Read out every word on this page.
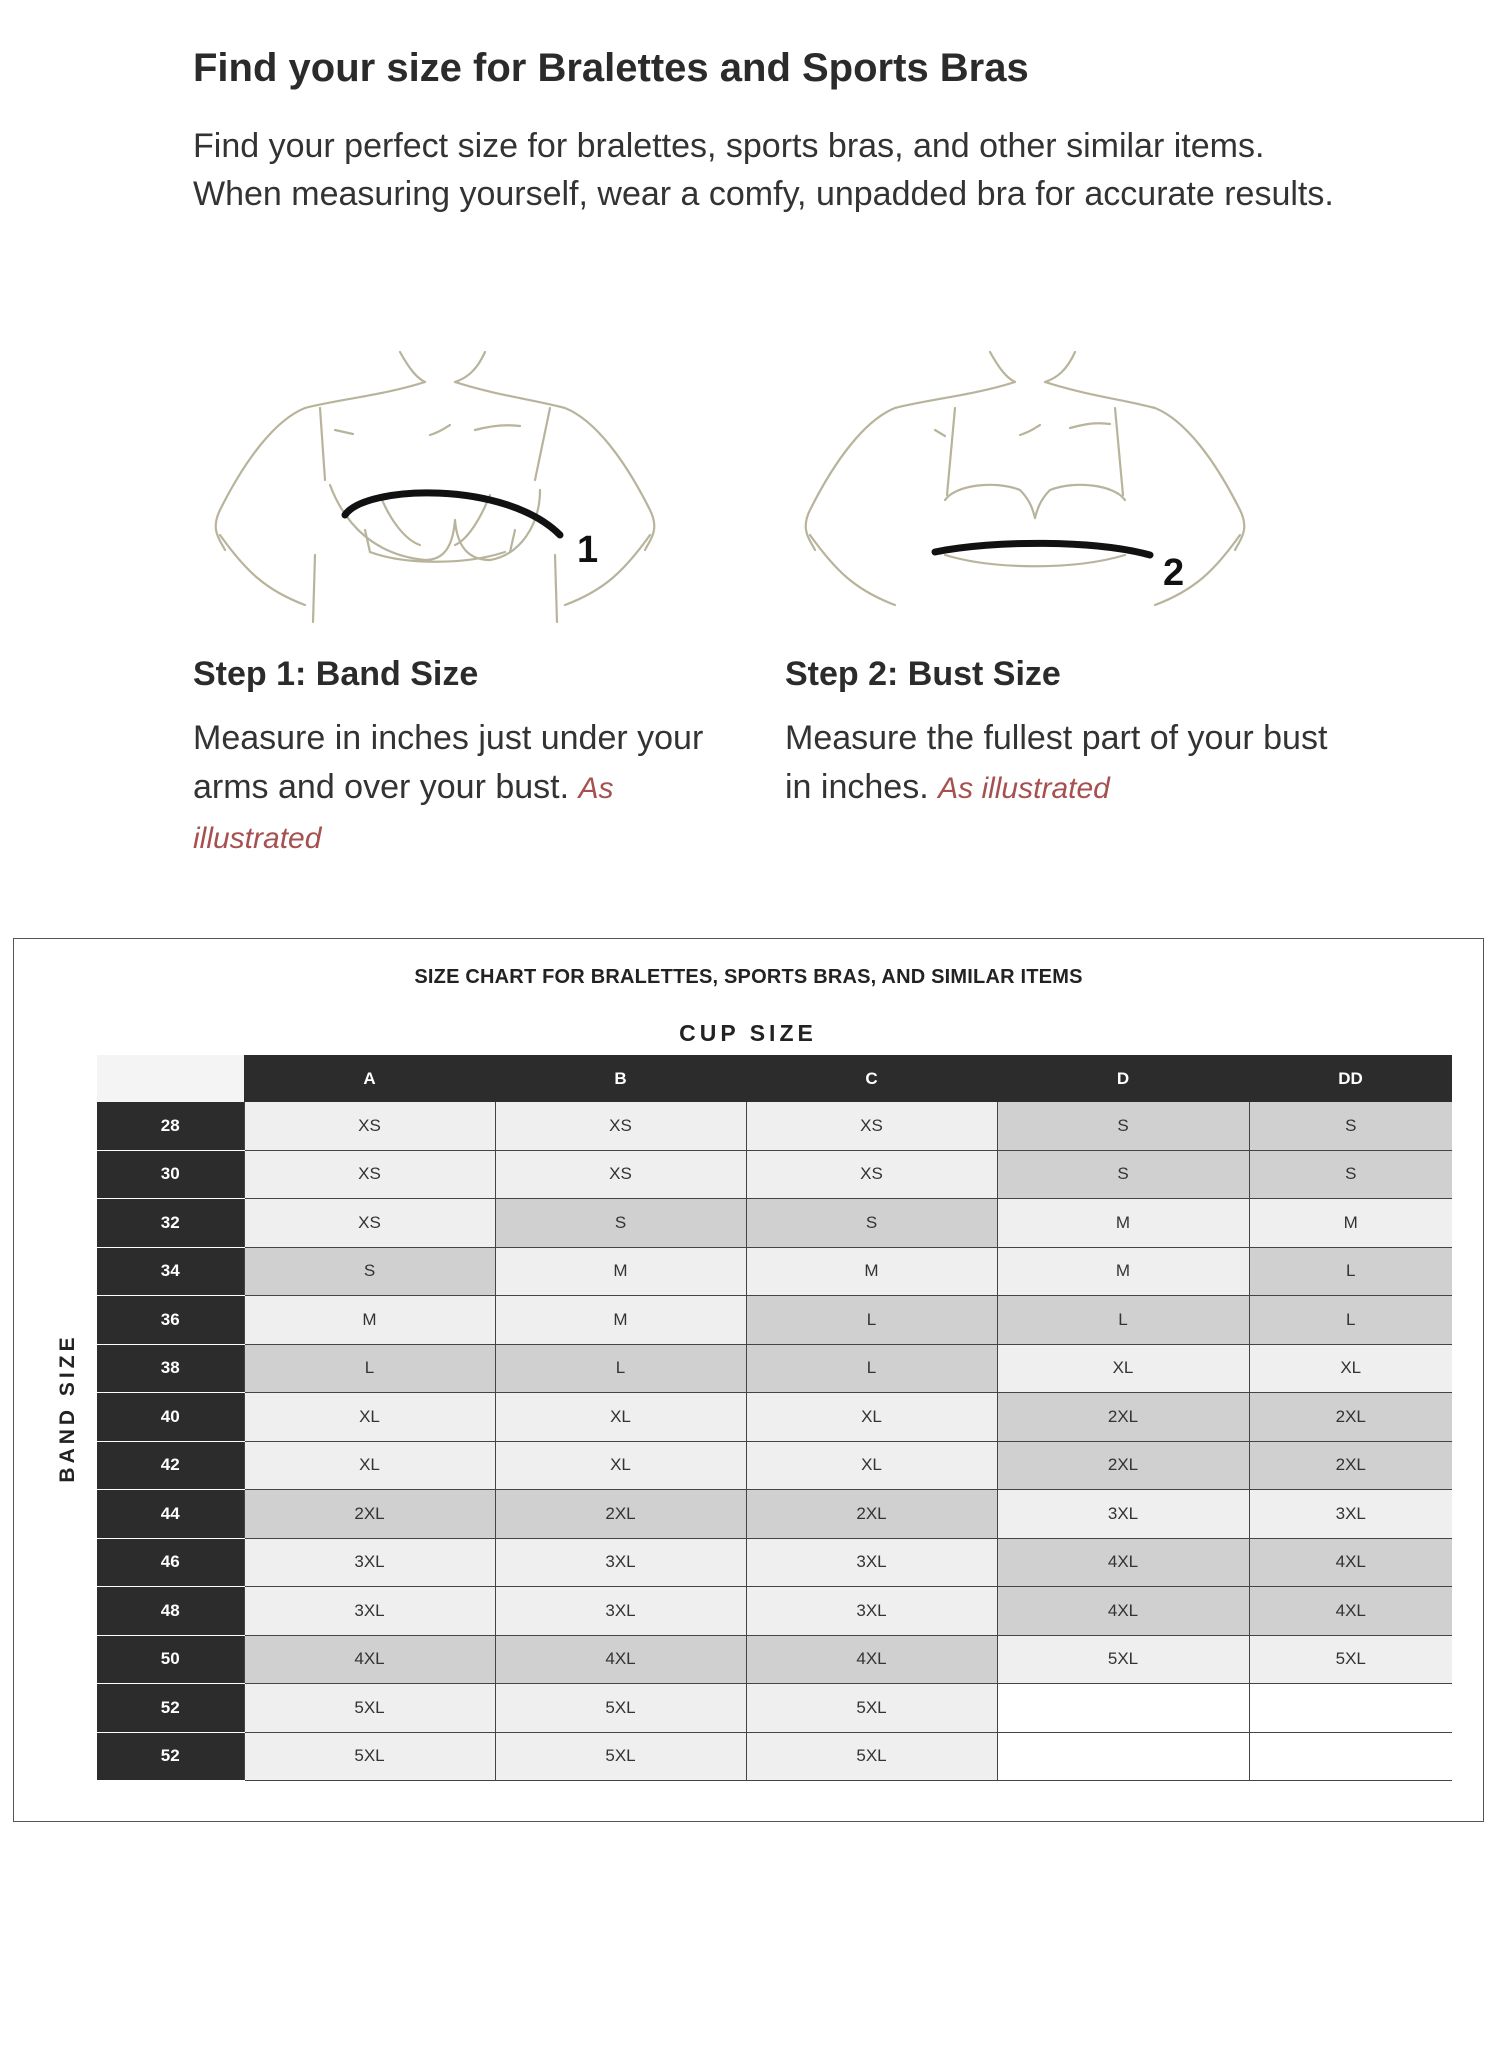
Find your size for Bralettes and Sports Bras

Find your perfect size for bralettes, sports bras, and other similar items. When measuring yourself, wear a comfy, unpadded bra for accurate results.

1
2
Step 1: Band Size

Measure in inches just under your arms and over your bust. As illustrated

Step 2: Bust Size

Measure the fullest part of your bust in inches. As illustrated

SIZE CHART FOR BRALETTES, SPORTS BRAS, AND SIMILAR ITEMS
CUP SIZE
BAND SIZE
	A	B	C	D	DD
28	XS	XS	XS	S	S
30	XS	XS	XS	S	S
32	XS	S	S	M	M
34	S	M	M	M	L
36	M	M	L	L	L
38	L	L	L	XL	XL
40	XL	XL	XL	2XL	2XL
42	XL	XL	XL	2XL	2XL
44	2XL	2XL	2XL	3XL	3XL
46	3XL	3XL	3XL	4XL	4XL
48	3XL	3XL	3XL	4XL	4XL
50	4XL	4XL	4XL	5XL	5XL
52	5XL	5XL	5XL		
52	5XL	5XL	5XL		
